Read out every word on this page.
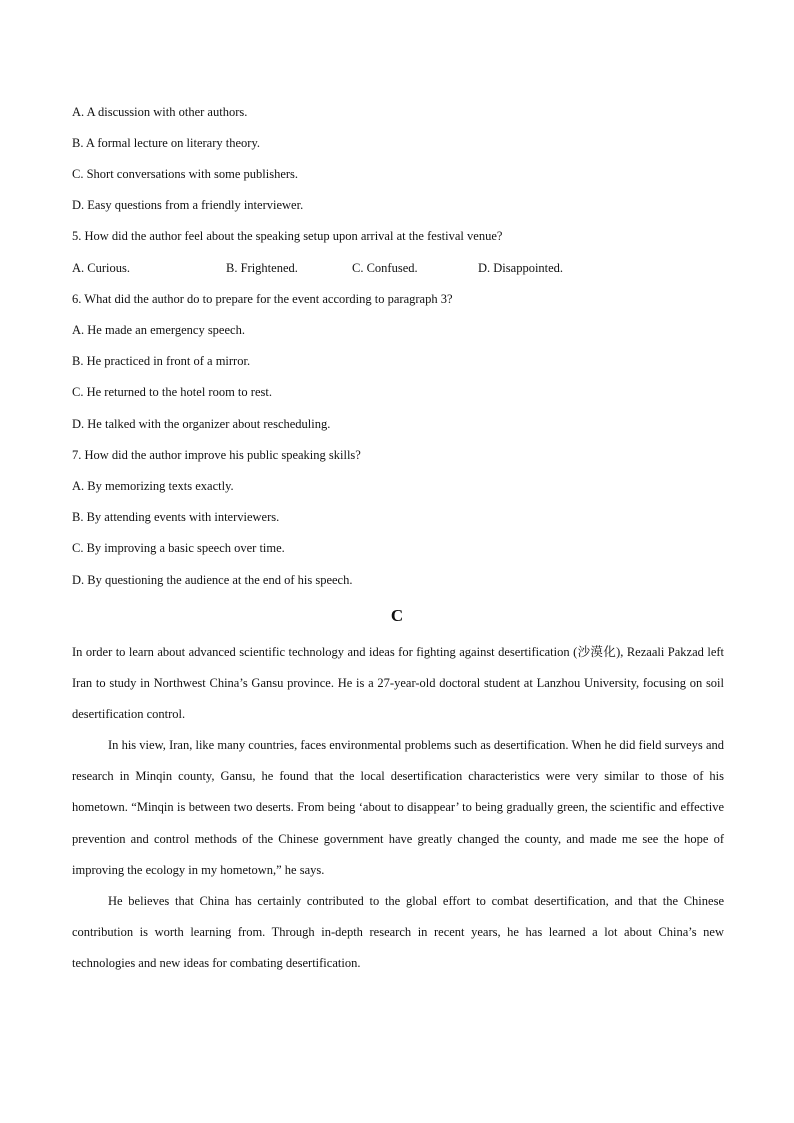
A. A discussion with other authors.
B. A formal lecture on literary theory.
C. Short conversations with some publishers.
D. Easy questions from a friendly interviewer.
5. How did the author feel about the speaking setup upon arrival at the festival venue?
A. Curious.	B. Frightened.	C. Confused.	D. Disappointed.
6. What did the author do to prepare for the event according to paragraph 3?
A. He made an emergency speech.
B. He practiced in front of a mirror.
C. He returned to the hotel room to rest.
D. He talked with the organizer about rescheduling.
7. How did the author improve his public speaking skills?
A. By memorizing texts exactly.
B. By attending events with interviewers.
C. By improving a basic speech over time.
D. By questioning the audience at the end of his speech.
C
In order to learn about advanced scientific technology and ideas for fighting against desertification (沙漠化), Rezaali Pakzad left Iran to study in Northwest China’s Gansu province. He is a 27-year-old doctoral student at Lanzhou University, focusing on soil desertification control.
In his view, Iran, like many countries, faces environmental problems such as desertification. When he did field surveys and research in Minqin county, Gansu, he found that the local desertification characteristics were very similar to those of his hometown. “Minqin is between two deserts. From being ‘about to disappear’ to being gradually green, the scientific and effective prevention and control methods of the Chinese government have greatly changed the county, and made me see the hope of improving the ecology in my hometown,” he says.
He believes that China has certainly contributed to the global effort to combat desertification, and that the Chinese contribution is worth learning from. Through in-depth research in recent years, he has learned a lot about China’s new technologies and new ideas for combating desertification.
